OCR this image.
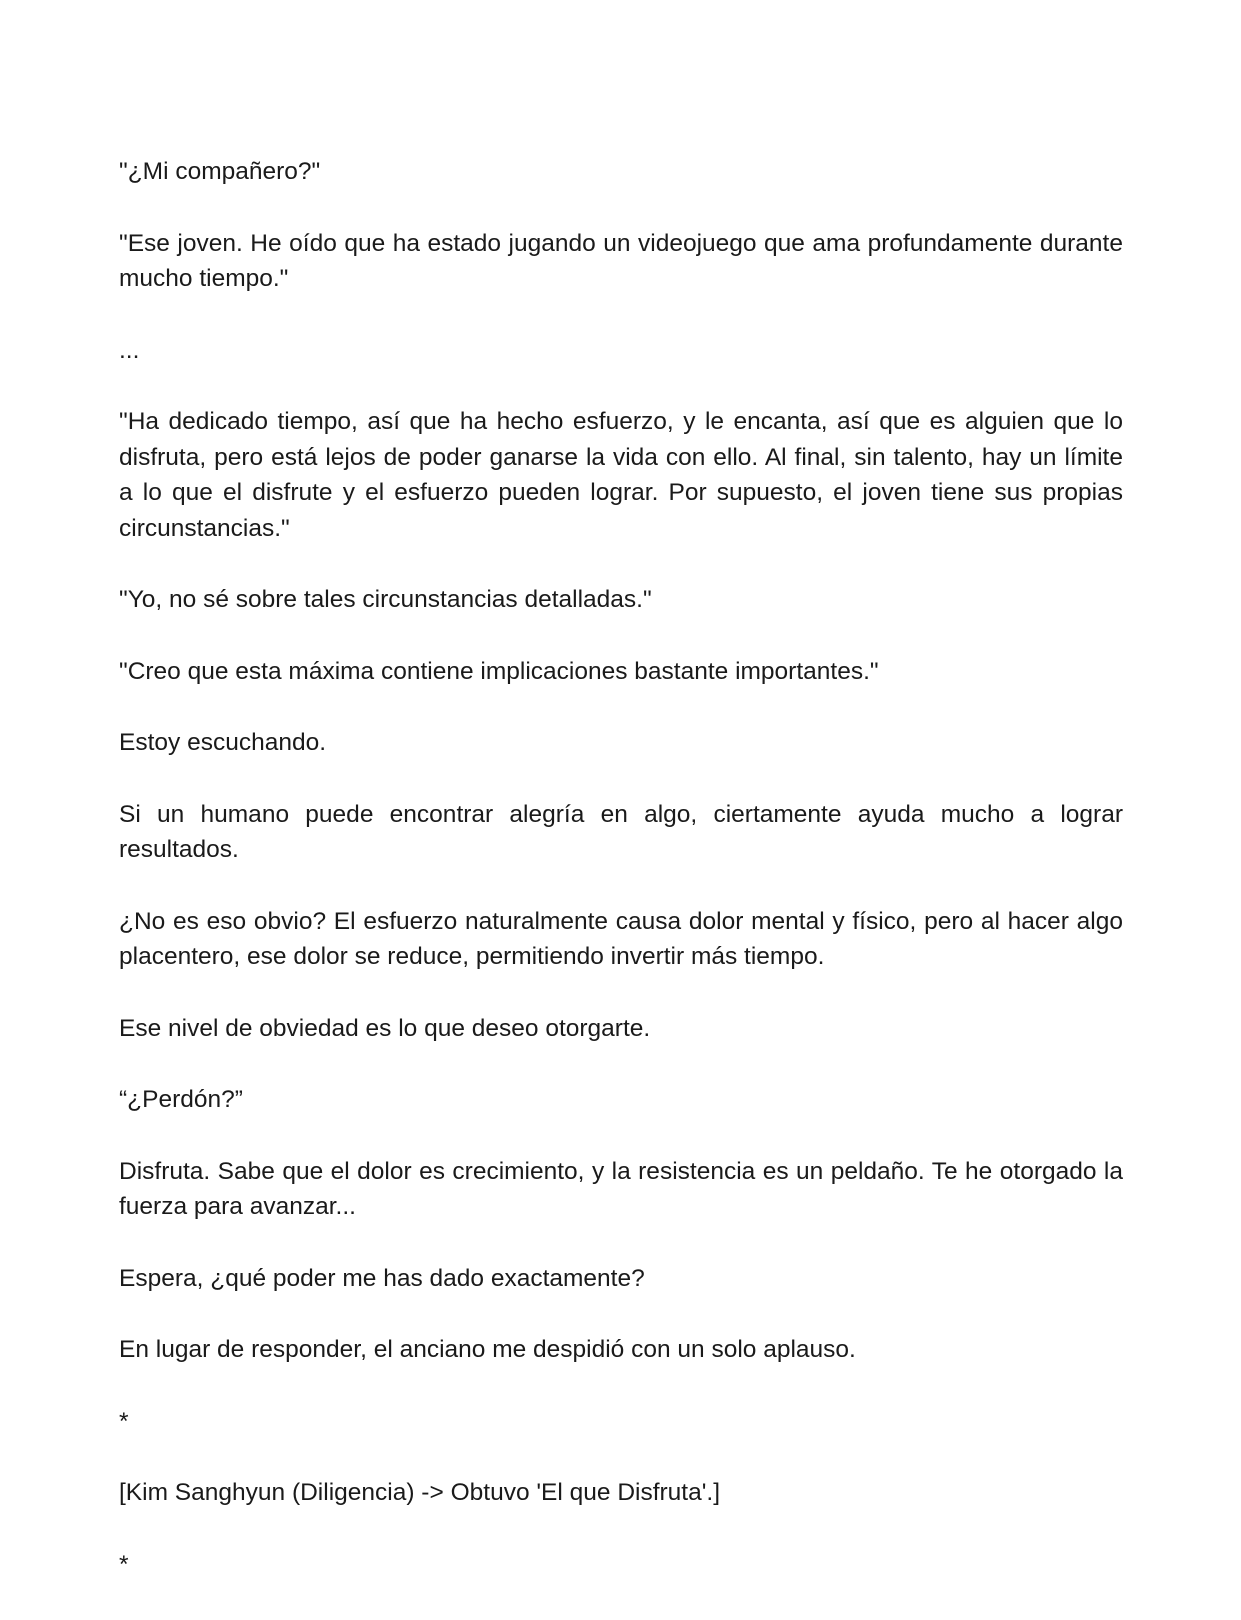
"¿Mi compañero?"

"Ese joven. He oído que ha estado jugando un videojuego que ama profundamente durante mucho tiempo."

...

"Ha dedicado tiempo, así que ha hecho esfuerzo, y le encanta, así que es alguien que lo disfruta, pero está lejos de poder ganarse la vida con ello. Al final, sin talento, hay un límite a lo que el disfrute y el esfuerzo pueden lograr. Por supuesto, el joven tiene sus propias circunstancias."

"Yo, no sé sobre tales circunstancias detalladas."

"Creo que esta máxima contiene implicaciones bastante importantes."

Estoy escuchando.

Si un humano puede encontrar alegría en algo, ciertamente ayuda mucho a lograr resultados.

¿No es eso obvio? El esfuerzo naturalmente causa dolor mental y físico, pero al hacer algo placentero, ese dolor se reduce, permitiendo invertir más tiempo.

Ese nivel de obviedad es lo que deseo otorgarte.

“¿Perdón?”

Disfruta. Sabe que el dolor es crecimiento, y la resistencia es un peldaño. Te he otorgado la fuerza para avanzar...

Espera, ¿qué poder me has dado exactamente?

En lugar de responder, el anciano me despidió con un solo aplauso.

*

[Kim Sanghyun (Diligencia) -> Obtuvo 'El que Disfruta'.]

*
